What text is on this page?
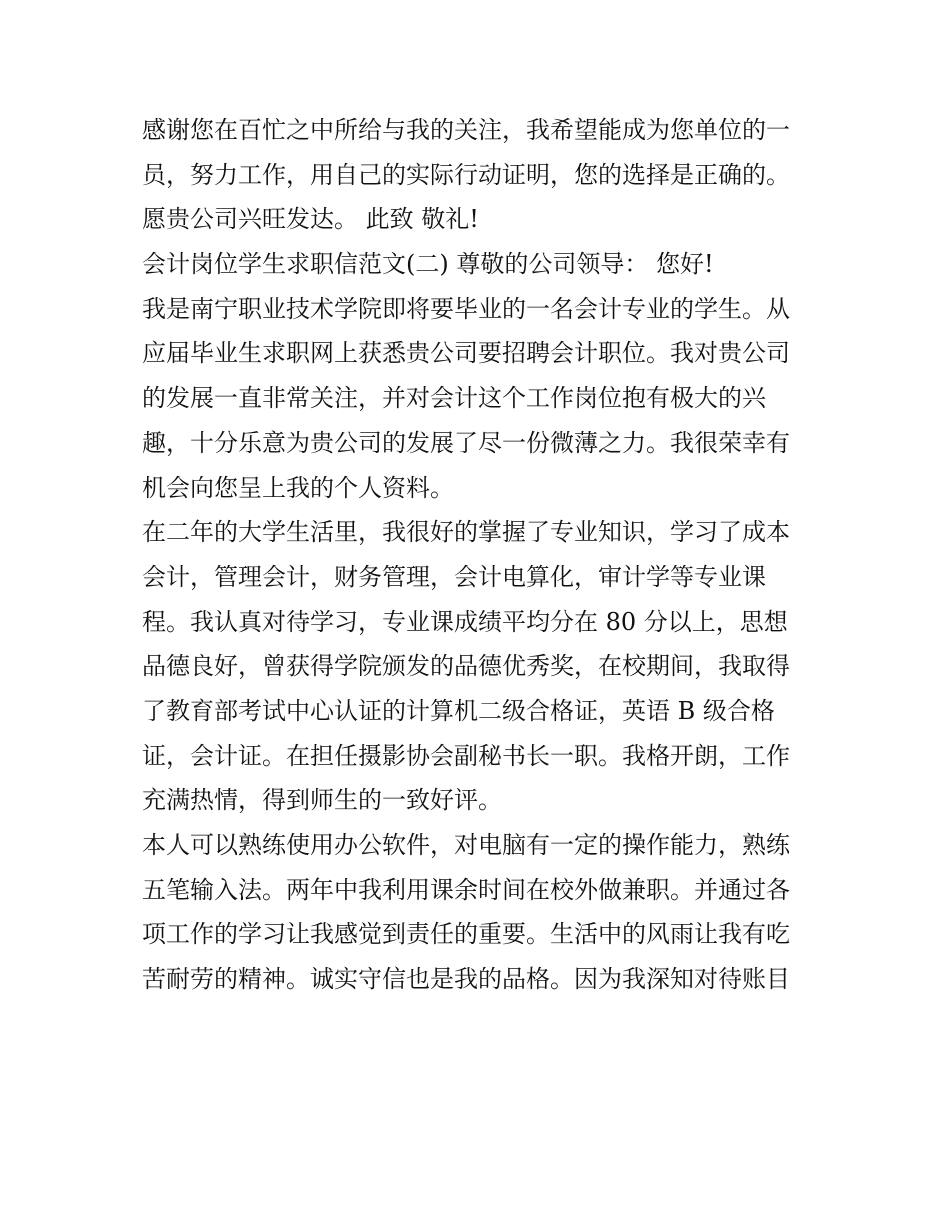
感谢您在百忙之中所给与我的关注，我希望能成为您单位的一
员，努力工作，用自己的实际行动证明，您的选择是正确的。
愿贵公司兴旺发达。 此致 敬礼!
会计岗位学生求职信范文(二) 尊敬的公司领导： 您好!
我是南宁职业技术学院即将要毕业的一名会计专业的学生。从
应届毕业生求职网上获悉贵公司要招聘会计职位。我对贵公司
的发展一直非常关注，并对会计这个工作岗位抱有极大的兴
趣，十分乐意为贵公司的发展了尽一份微薄之力。我很荣幸有
机会向您呈上我的个人资料。
在二年的大学生活里，我很好的掌握了专业知识，学习了成本
会计，管理会计，财务管理，会计电算化，审计学等专业课
程。我认真对待学习，专业课成绩平均分在 80 分以上，思想
品德良好，曾获得学院颁发的品德优秀奖，在校期间，我取得
了教育部考试中心认证的计算机二级合格证，英语 B 级合格
证，会计证。在担任摄影协会副秘书长一职。我格开朗，工作
充满热情，得到师生的一致好评。
本人可以熟练使用办公软件，对电脑有一定的操作能力，熟练
五笔输入法。两年中我利用课余时间在校外做兼职。并通过各
项工作的学习让我感觉到责任的重要。生活中的风雨让我有吃
苦耐劳的精神。诚实守信也是我的品格。因为我深知对待账目
